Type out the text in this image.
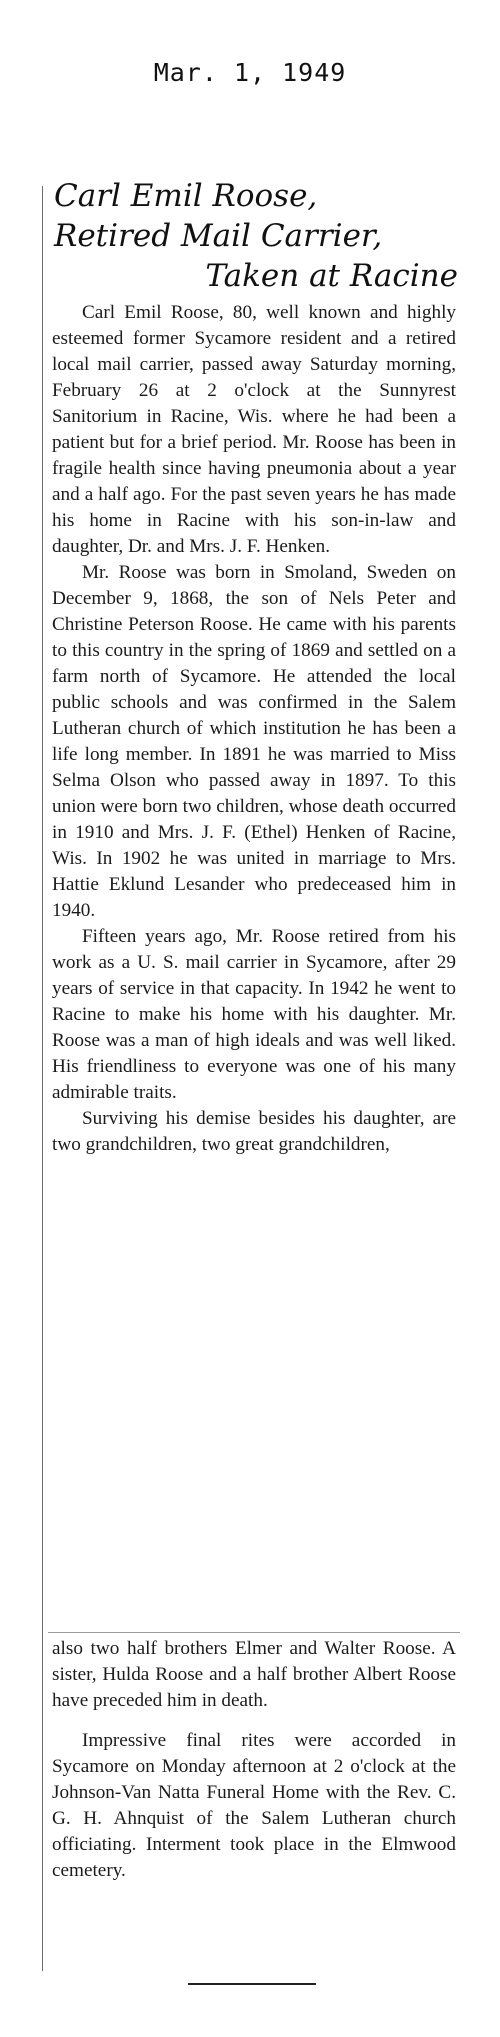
Mar. 1, 1949
Carl Emil Roose,
Retired Mail Carrier,
Taken at Racine

Carl Emil Roose, 80, well known and highly esteemed former Sycamore resident and a retired local mail carrier, passed away Saturday morning, February 26 at 2 o'clock at the Sunnyrest Sanitorium in Racine, Wis. where he had been a patient but for a brief period. Mr. Roose has been in fragile health since having pneumonia about a year and a half ago. For the past seven years he has made his home in Racine with his son-in-law and daughter, Dr. and Mrs. J. F. Henken.

Mr. Roose was born in Smoland, Sweden on December 9, 1868, the son of Nels Peter and Christine Peterson Roose. He came with his parents to this country in the spring of 1869 and settled on a farm north of Sycamore. He attended the local public schools and was confirmed in the Salem Lutheran church of which institution he has been a life long member. In 1891 he was married to Miss Selma Olson who passed away in 1897. To this union were born two children, whose death occurred in 1910 and Mrs. J. F. (Ethel) Henken of Racine, Wis. In 1902 he was united in marriage to Mrs. Hattie Eklund Lesander who predeceased him in 1940.

Fifteen years ago, Mr. Roose retired from his work as a U. S. mail carrier in Sycamore, after 29 years of service in that capacity. In 1942 he went to Racine to make his home with his daughter. Mr. Roose was a man of high ideals and was well liked. His friendliness to everyone was one of his many admirable traits.

Surviving his demise besides his daughter, are two grandchildren, two great grandchildren,

also two half brothers Elmer and Walter Roose. A sister, Hulda Roose and a half brother Albert Roose have preceded him in death.

Impressive final rites were accorded in Sycamore on Monday afternoon at 2 o'clock at the Johnson-Van Natta Funeral Home with the Rev. C. G. H. Ahnquist of the Salem Lutheran church officiating. Interment took place in the Elmwood cemetery.
